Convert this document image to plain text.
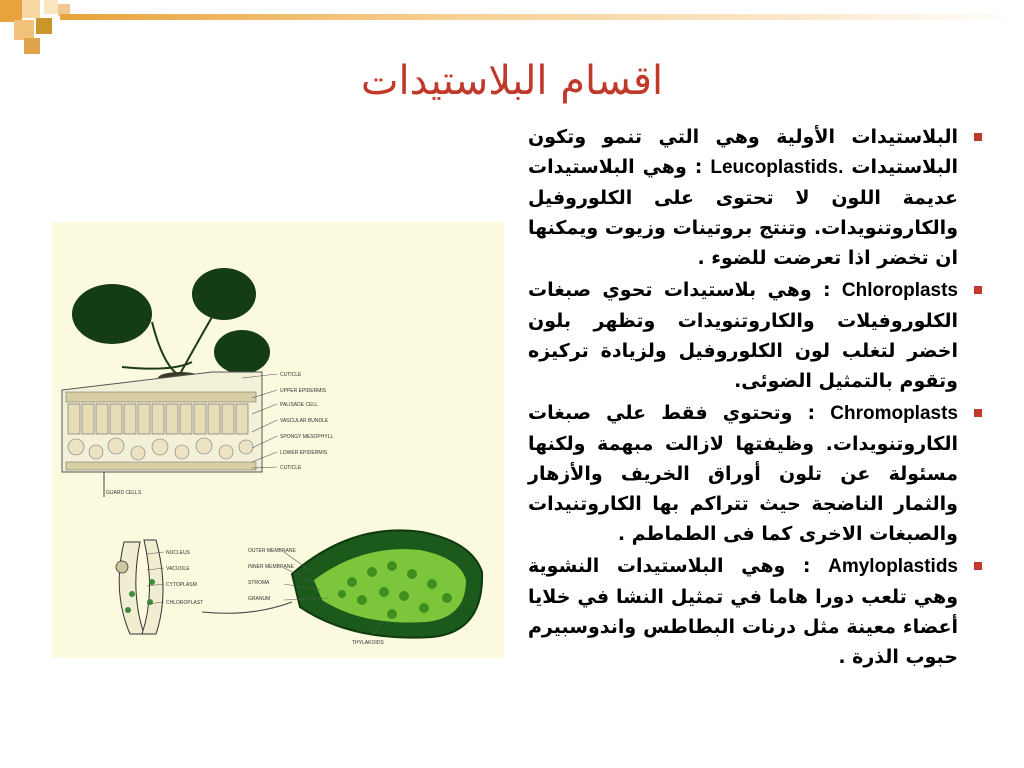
اقسام البلاستيدات
CUTICLE
UPPER EPIDERMIS
PALISADE CELL
VASCULAR BUNDLE
SPONGY MESOPHYLL
LOWER EPIDERMIS
CUTICLE
GUARD CELLS
NUCLEUS
VACUOLE
CYTOPLASM
CHLOROPLAST
OUTER MEMBRANE
INNER MEMBRANE
STROMA
GRANUM
THYLAKOIDS
البلاستيدات الأولية وهي التي تنمو وتكون البلاستيدات Leucoplastids. : وهي البلاستيدات عديمة اللون لا تحتوى على الكلوروفيل والكاروتنويدات. وتنتج بروتينات وزيوت ويمكنها ان تخضر اذا تعرضت للضوء .
Chloroplasts : وهي بلاستيدات تحوي صبغات الكلوروفيلات والكاروتنويدات وتظهر بلون اخضر لتغلب لون الكلوروفيل ولزيادة تركيزه وتقوم بالتمثيل الضوئى.
Chromoplasts : وتحتوي فقط علي صبغات الكاروتنويدات. وظيفتها لازالت مبهمة ولكنها مسئولة عن تلون أوراق الخريف والأزهار والثمار الناضجة حيث تتراكم بها الكاروتنيدات والصبغات الاخرى كما فى الطماطم .
Amyloplastids : وهي البلاستيدات النشوية وهي تلعب دورا هاما في تمثيل النشا في خلايا أعضاء معينة مثل درنات البطاطس واندوسبيرم حبوب الذرة .
